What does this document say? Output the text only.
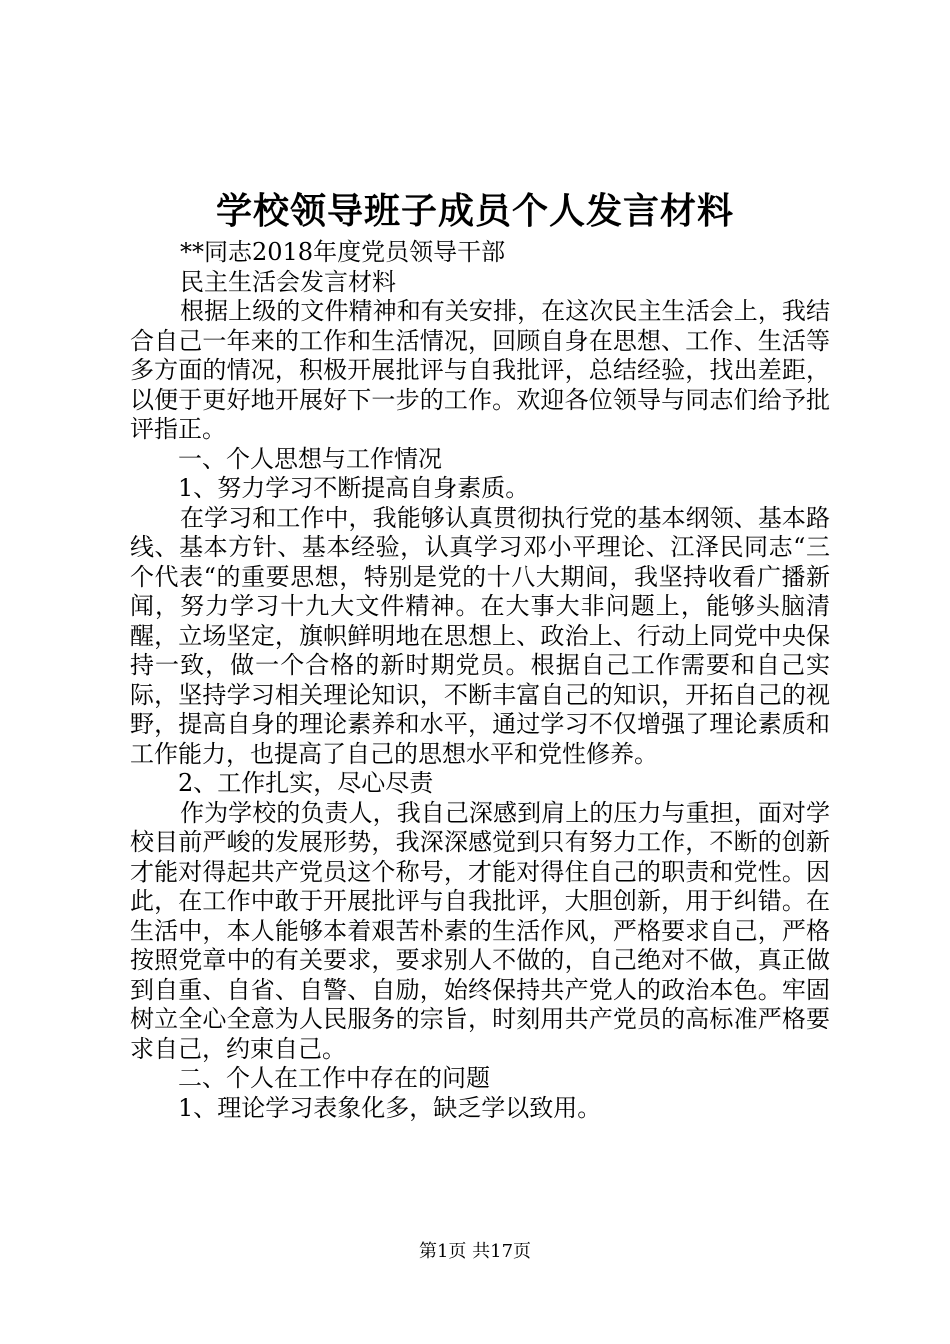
学校领导班子成员个人发言材料

**同志2018年度党员领导干部

民主生活会发言材料

根据上级的文件精神和有关安排，在这次民主生活会上，我结合自己一年来的工作和生活情况，回顾自身在思想、工作、生活等多方面的情况，积极开展批评与自我批评，总结经验，找出差距，以便于更好地开展好下一步的工作。欢迎各位领导与同志们给予批评指正。

一、个人思想与工作情况

1、努力学习不断提高自身素质。

在学习和工作中，我能够认真贯彻执行党的基本纲领、基本路线、基本方针、基本经验，认真学习邓小平理论、江泽民同志“三个代表“的重要思想，特别是党的十八大期间，我坚持收看广播新闻，努力学习十九大文件精神。在大事大非问题上，能够头脑清醒，立场坚定，旗帜鲜明地在思想上、政治上、行动上同党中央保持一致，做一个合格的新时期党员。根据自己工作需要和自己实际，坚持学习相关理论知识，不断丰富自己的知识，开拓自己的视野，提高自身的理论素养和水平，通过学习不仅增强了理论素质和工作能力，也提高了自己的思想水平和党性修养。

2、工作扎实，尽心尽责

作为学校的负责人，我自己深感到肩上的压力与重担，面对学校目前严峻的发展形势，我深深感觉到只有努力工作，不断的创新才能对得起共产党员这个称号，才能对得住自己的职责和党性。因此，在工作中敢于开展批评与自我批评，大胆创新，用于纠错。在生活中，本人能够本着艰苦朴素的生活作风，严格要求自己，严格按照党章中的有关要求，要求别人不做的，自己绝对不做，真正做到自重、自省、自警、自励，始终保持共产党人的政治本色。牢固树立全心全意为人民服务的宗旨，时刻用共产党员的高标准严格要求自己，约束自己。

二、个人在工作中存在的问题

1、理论学习表象化多，缺乏学以致用。

第1页 共17页
